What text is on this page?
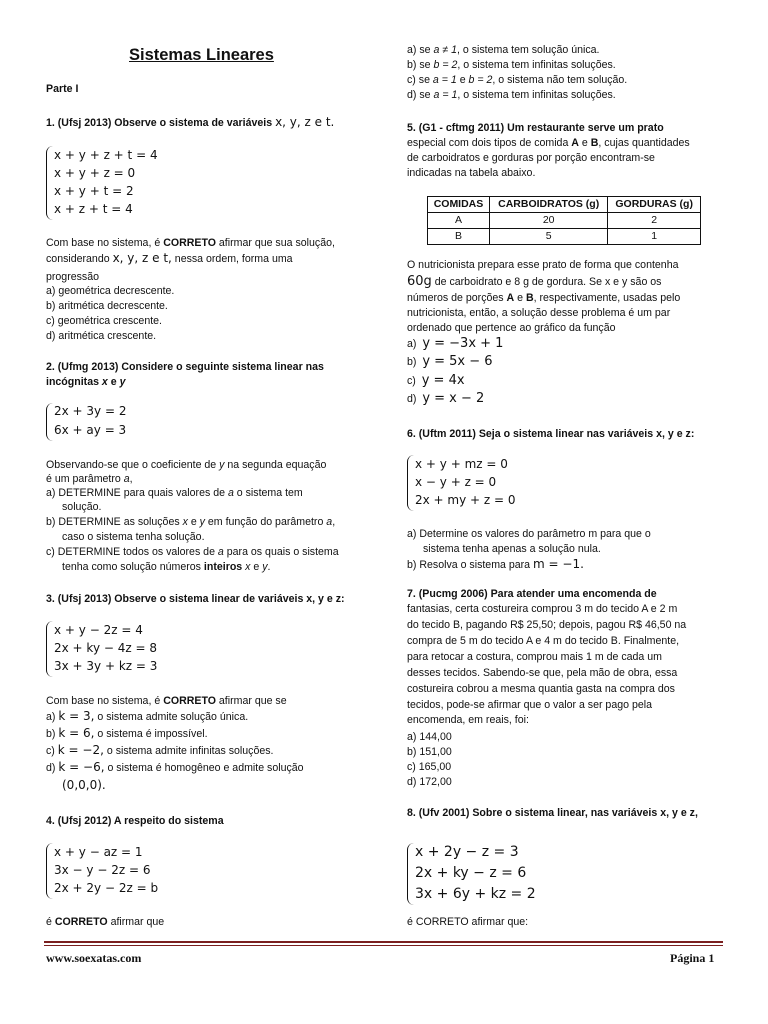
Sistemas Lineares
Parte I
1. (Ufsj 2013) Observe o sistema de variáveis x, y, z e t.
x + y + z + t = 4
x + y + z = 0
x + y + t = 2
x + z + t = 4
Com base no sistema, é CORRETO afirmar que sua solução,
considerando x, y, z e t, nessa ordem, forma uma
progressão
a) geométrica decrescente.
b) aritmética decrescente.
c) geométrica crescente.
d) aritmética crescente.
2. (Ufmg 2013) Considere o seguinte sistema linear nas
incógnitas x e y
2x + 3y = 2
6x + ay = 3
Observando-se que o coeficiente de y na segunda equação
é um parâmetro a,
a) DETERMINE para quais valores de a o sistema tem
solução.
b) DETERMINE as soluções x e y em função do parâmetro a,
caso o sistema tenha solução.
c) DETERMINE todos os valores de a para os quais o sistema
tenha como solução números inteiros x e y.
3. (Ufsj 2013) Observe o sistema linear de variáveis x, y e z:
x + y − 2z = 4
2x + ky − 4z = 8
3x + 3y + kz = 3
Com base no sistema, é CORRETO afirmar que se
a) k = 3, o sistema admite solução única.
b) k = 6, o sistema é impossível.
c) k = −2, o sistema admite infinitas soluções.
d) k = −6, o sistema é homogêneo e admite solução
(0,0,0).
4. (Ufsj 2012) A respeito do sistema
x + y − az = 1
3x − y − 2z = 6
2x + 2y − 2z = b
é CORRETO afirmar que
a) se a ≠ 1, o sistema tem solução única.
b) se b = 2, o sistema tem infinitas soluções.
c) se a = 1 e b = 2, o sistema não tem solução.
d) se a = 1, o sistema tem infinitas soluções.
5. (G1 - cftmg 2011) Um restaurante serve um prato
especial com dois tipos de comida A e B, cujas quantidades
de carboidratos e gorduras por porção encontram-se
indicadas na tabela abaixo.
COMIDAS	CARBOIDRATOS (g)	GORDURAS (g)
A	20	2
B	5	1
O nutricionista prepara esse prato de forma que contenha
60g de carboidrato e 8 g de gordura. Se x e y são os
números de porções A e B, respectivamente, usadas pelo
nutricionista, então, a solução desse problema é um par
ordenado que pertence ao gráfico da função
a) y = −3x + 1
b) y = 5x − 6
c) y = 4x
d) y = x − 2
6. (Uftm 2011) Seja o sistema linear nas variáveis x, y e z:
x + y + mz = 0
x − y + z = 0
2x + my + z = 0
a) Determine os valores do parâmetro m para que o
sistema tenha apenas a solução nula.
b) Resolva o sistema para m = −1.
7. (Pucmg 2006) Para atender uma encomenda de
fantasias, certa costureira comprou 3 m do tecido A e 2 m
do tecido B, pagando R$ 25,50; depois, pagou R$ 46,50 na
compra de 5 m do tecido A e 4 m do tecido B. Finalmente,
para retocar a costura, comprou mais 1 m de cada um
desses tecidos. Sabendo-se que, pela mão de obra, essa
costureira cobrou a mesma quantia gasta na compra dos
tecidos, pode-se afirmar que o valor a ser pago pela
encomenda, em reais, foi:
a) 144,00
b) 151,00
c) 165,00
d) 172,00
8. (Ufv 2001) Sobre o sistema linear, nas variáveis x, y e z,
x + 2y − z = 3
2x + ky − z = 6
3x + 6y + kz = 2
é CORRETO afirmar que:
www.soexatas.com	Página 1
